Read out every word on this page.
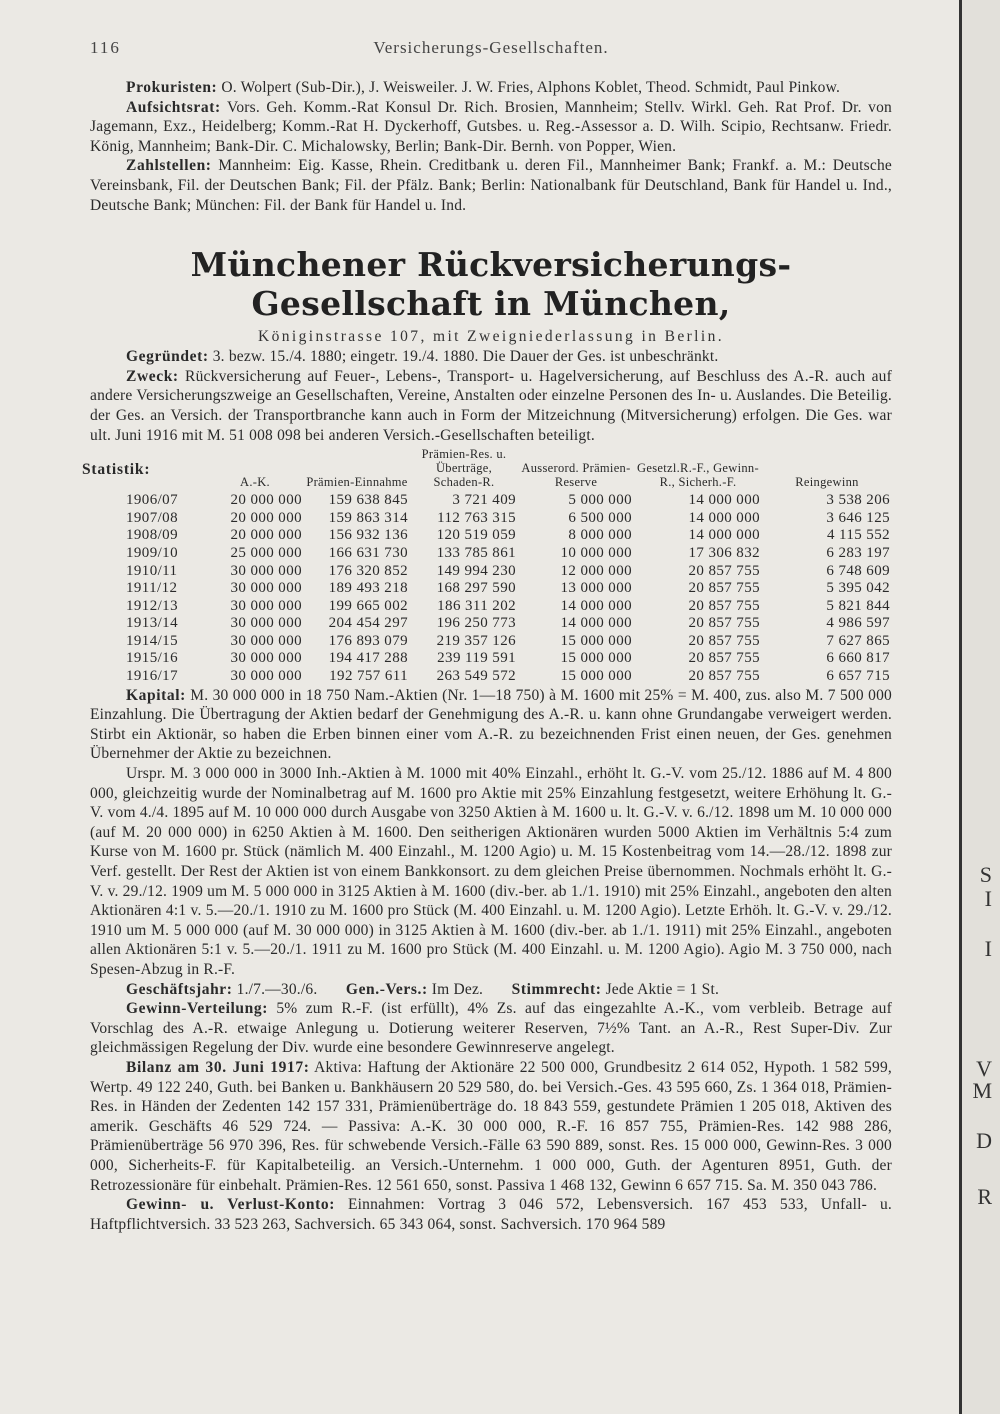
S
I
I
V
M
D
R
116	Versicherungs-Gesellschaften.

Prokuristen: O. Wolpert (Sub-Dir.), J. Weisweiler. J. W. Fries, Alphons Koblet, Theod. Schmidt, Paul Pinkow.

Aufsichtsrat: Vors. Geh. Komm.-Rat Konsul Dr. Rich. Brosien, Mannheim; Stellv. Wirkl. Geh. Rat Prof. Dr. von Jagemann, Exz., Heidelberg; Komm.-Rat H. Dyckerhoff, Gutsbes. u. Reg.-Assessor a. D. Wilh. Scipio, Rechtsanw. Friedr. König, Mannheim; Bank-Dir. C. Michalowsky, Berlin; Bank-Dir. Bernh. von Popper, Wien.

Zahlstellen: Mannheim: Eig. Kasse, Rhein. Creditbank u. deren Fil., Mannheimer Bank; Frankf. a. M.: Deutsche Vereinsbank, Fil. der Deutschen Bank; Fil. der Pfälz. Bank; Berlin: Nationalbank für Deutschland, Bank für Handel u. Ind., Deutsche Bank; München: Fil. der Bank für Handel u. Ind.

Münchener Rückversicherungs-Gesellschaft in München,
Königinstrasse 107, mit Zweigniederlassung in Berlin.

Gegründet: 3. bezw. 15./4. 1880; eingetr. 19./4. 1880. Die Dauer der Ges. ist unbeschränkt.

Zweck: Rückversicherung auf Feuer-, Lebens-, Transport- u. Hagelversicherung, auf Beschluss des A.-R. auch auf andere Versicherungszweige an Gesellschaften, Vereine, Anstalten oder einzelne Personen des In- u. Auslandes. Die Beteilig. der Ges. an Versich. der Transportbranche kann auch in Form der Mitzeichnung (Mitversicherung) erfolgen. Die Ges. war ult. Juni 1916 mit M. 51 008 098 bei anderen Versich.-Gesellschaften beteiligt.

Statistik:
	A.-K.	Prämien-Einnahme	Prämien-Res. u. Überträge, Schaden-R.	Ausserord. Prämien-Reserve	Gesetzl.R.-F., Gewinn-R., Sicherh.-F.	Reingewinn
1906/07	20 000 000	159 638 845	3 721 409	5 000 000	14 000 000	3 538 206
1907/08	20 000 000	159 863 314	112 763 315	6 500 000	14 000 000	3 646 125
1908/09	20 000 000	156 932 136	120 519 059	8 000 000	14 000 000	4 115 552
1909/10	25 000 000	166 631 730	133 785 861	10 000 000	17 306 832	6 283 197
1910/11	30 000 000	176 320 852	149 994 230	12 000 000	20 857 755	6 748 609
1911/12	30 000 000	189 493 218	168 297 590	13 000 000	20 857 755	5 395 042
1912/13	30 000 000	199 665 002	186 311 202	14 000 000	20 857 755	5 821 844
1913/14	30 000 000	204 454 297	196 250 773	14 000 000	20 857 755	4 986 597
1914/15	30 000 000	176 893 079	219 357 126	15 000 000	20 857 755	7 627 865
1915/16	30 000 000	194 417 288	239 119 591	15 000 000	20 857 755	6 660 817
1916/17	30 000 000	192 757 611	263 549 572	15 000 000	20 857 755	6 657 715

Kapital: M. 30 000 000 in 18 750 Nam.-Aktien (Nr. 1—18 750) à M. 1600 mit 25% = M. 400, zus. also M. 7 500 000 Einzahlung. Die Übertragung der Aktien bedarf der Genehmigung des A.-R. u. kann ohne Grundangabe verweigert werden. Stirbt ein Aktionär, so haben die Erben binnen einer vom A.-R. zu bezeichnenden Frist einen neuen, der Ges. genehmen Übernehmer der Aktie zu bezeichnen.

Urspr. M. 3 000 000 in 3000 Inh.-Aktien à M. 1000 mit 40% Einzahl., erhöht lt. G.-V. vom 25./12. 1886 auf M. 4 800 000, gleichzeitig wurde der Nominalbetrag auf M. 1600 pro Aktie mit 25% Einzahlung festgesetzt, weitere Erhöhung lt. G.-V. vom 4./4. 1895 auf M. 10 000 000 durch Ausgabe von 3250 Aktien à M. 1600 u. lt. G.-V. v. 6./12. 1898 um M. 10 000 000 (auf M. 20 000 000) in 6250 Aktien à M. 1600. Den seitherigen Aktionären wurden 5000 Aktien im Verhältnis 5:4 zum Kurse von M. 1600 pr. Stück (nämlich M. 400 Einzahl., M. 1200 Agio) u. M. 15 Kostenbeitrag vom 14.—28./12. 1898 zur Verf. gestellt. Der Rest der Aktien ist von einem Bankkonsort. zu dem gleichen Preise übernommen. Nochmals erhöht lt. G.-V. v. 29./12. 1909 um M. 5 000 000 in 3125 Aktien à M. 1600 (div.-ber. ab 1./1. 1910) mit 25% Einzahl., angeboten den alten Aktionären 4:1 v. 5.—20./1. 1910 zu M. 1600 pro Stück (M. 400 Einzahl. u. M. 1200 Agio). Letzte Erhöh. lt. G.-V. v. 29./12. 1910 um M. 5 000 000 (auf M. 30 000 000) in 3125 Aktien à M. 1600 (div.-ber. ab 1./1. 1911) mit 25% Einzahl., angeboten allen Aktionären 5:1 v. 5.—20./1. 1911 zu M. 1600 pro Stück (M. 400 Einzahl. u. M. 1200 Agio). Agio M. 3 750 000, nach Spesen-Abzug in R.-F.

Geschäftsjahr: 1./7.—30./6. Gen.-Vers.: Im Dez. Stimmrecht: Jede Aktie = 1 St.

Gewinn-Verteilung: 5% zum R.-F. (ist erfüllt), 4% Zs. auf das eingezahlte A.-K., vom verbleib. Betrage auf Vorschlag des A.-R. etwaige Anlegung u. Dotierung weiterer Reserven, 7½% Tant. an A.-R., Rest Super-Div. Zur gleichmässigen Regelung der Div. wurde eine besondere Gewinnreserve angelegt.

Bilanz am 30. Juni 1917: Aktiva: Haftung der Aktionäre 22 500 000, Grundbesitz 2 614 052, Hypoth. 1 582 599, Wertp. 49 122 240, Guth. bei Banken u. Bankhäusern 20 529 580, do. bei Versich.-Ges. 43 595 660, Zs. 1 364 018, Prämien-Res. in Händen der Zedenten 142 157 331, Prämienüberträge do. 18 843 559, gestundete Prämien 1 205 018, Aktiven des amerik. Geschäfts 46 529 724. — Passiva: A.-K. 30 000 000, R.-F. 16 857 755, Prämien-Res. 142 988 286, Prämienüberträge 56 970 396, Res. für schwebende Versich.-Fälle 63 590 889, sonst. Res. 15 000 000, Gewinn-Res. 3 000 000, Sicherheits-F. für Kapitalbeteilig. an Versich.-Unternehm. 1 000 000, Guth. der Agenturen 8951, Guth. der Retrozessionäre für einbehalt. Prämien-Res. 12 561 650, sonst. Passiva 1 468 132, Gewinn 6 657 715. Sa. M. 350 043 786.

Gewinn- u. Verlust-Konto: Einnahmen: Vortrag 3 046 572, Lebensversich. 167 453 533, Unfall- u. Haftpflichtversich. 33 523 263, Sachversich. 65 343 064, sonst. Sachversich. 170 964 589
